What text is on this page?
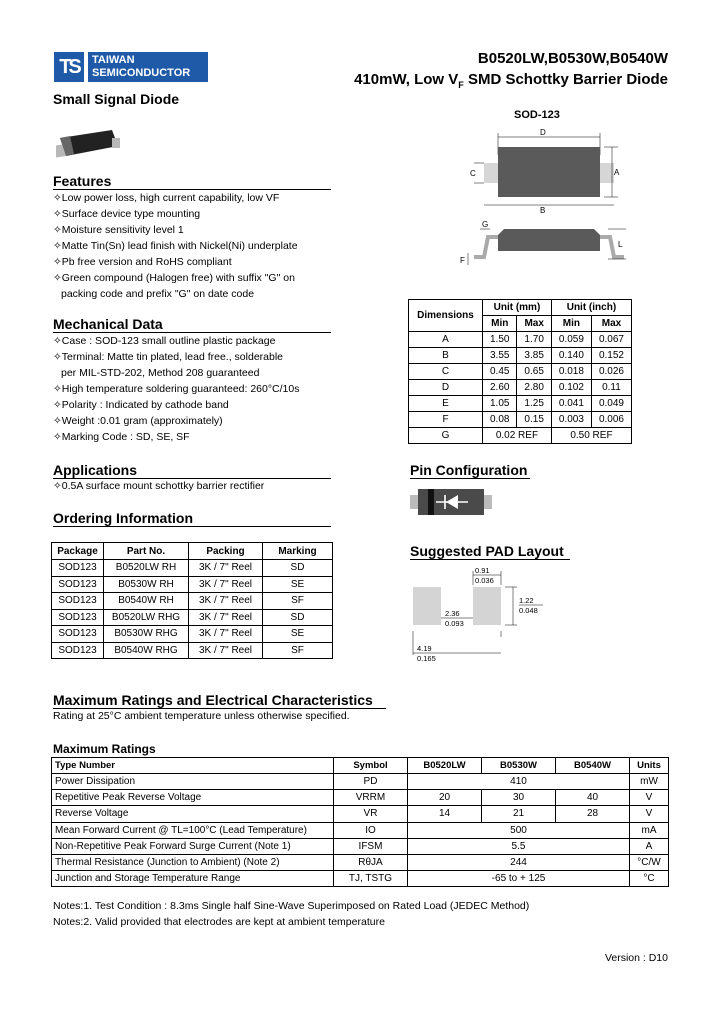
TS	TAIWAN
SEMICONDUCTOR
B0520LW,B0530W,B0540W
410mW, Low $V_F$ SMD Schottky Barrier Diode
Small Signal Diode
Features
✧Low power loss, high current capability, low VF
✧Surface device type mounting
✧Moisture sensitivity level 1
✧Matte Tin(Sn) lead finish with Nickel(Ni) underplate
✧Pb free version and RoHS compliant
✧Green compound (Halogen free) with suffix "G" on
packing code and prefix "G" on date code
Mechanical Data
✧Case : SOD-123 small outline plastic package
✧Terminal: Matte tin plated, lead free., solderable
per MIL-STD-202, Method 208 guaranteed
✧High temperature soldering guaranteed: 260°C/10s
✧Polarity : Indicated by cathode band
✧Weight :0.01 gram (approximately)
✧Marking Code : SD, SE, SF
Applications
✧0.5A surface mount schottky barrier rectifier
Ordering Information
Package	Part No.	Packing	Marking
SOD123	B0520LW RH	3K / 7" Reel	SD
SOD123	B0530W RH	3K / 7" Reel	SE
SOD123	B0540W RH	3K / 7" Reel	SF
SOD123	B0520LW RHG	3K / 7" Reel	SD
SOD123	B0530W RHG	3K / 7" Reel	SE
SOD123	B0540W RHG	3K / 7" Reel	SF
SOD-123
D
A
C
B
G
F
L
Dimensions	Unit (mm)		Unit (inch)	
	Min	Max	Min	Max
A	1.50	1.70	0.059	0.067
B	3.55	3.85	0.140	0.152
C	0.45	0.65	0.018	0.026
D	2.60	2.80	0.102	0.11
E	1.05	1.25	0.041	0.049
F	0.08	0.15	0.003	0.006
G	0.02 REF		0.50 REF	
Pin Configuration
Suggested PAD Layout
0.91
0.036
1.22
0.048
2.36
0.093
4.19
0.165
Maximum Ratings and Electrical Characteristics
Rating at 25°C ambient temperature unless otherwise specified.
Maximum Ratings
Type Number	Symbol	B0520LW	B0530W	B0540W	Units
Power Dissipation	PD	410			mW
Repetitive Peak Reverse Voltage	VRRM	20	30	40	V
Reverse Voltage	VR	14	21	28	V
Mean Forward Current @ TL=100°C (Lead Temperature)	IO	500			mA
Non-Repetitive Peak Forward Surge Current (Note 1)	IFSM	5.5			A
Thermal Resistance (Junction to Ambient) (Note 2)	RθJA	244			°C/W
Junction and Storage Temperature Range	TJ, TSTG	-65 to + 125			°C
Notes:1. Test Condition : 8.3ms Single half Sine-Wave Superimposed on Rated Load (JEDEC Method)
Notes:2. Valid provided that electrodes are kept at ambient temperature
Version : D10
